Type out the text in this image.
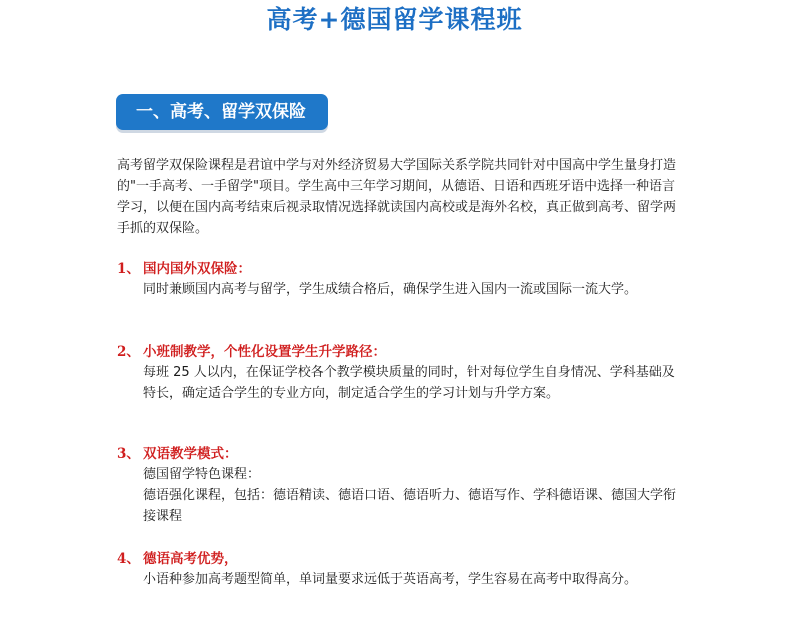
高考+德国留学课程班
一、高考、留学双保险

高考留学双保险课程是君谊中学与对外经济贸易大学国际关系学院共同针对中国高中学生量身打造的"一手高考、一手留学"项目。学生高中三年学习期间，从德语、日语和西班牙语中选择一种语言学习，以便在国内高考结束后视录取情况选择就读国内高校或是海外名校，真正做到高考、留学两手抓的双保险。

1、 国内国外双保险：

同时兼顾国内高考与留学，学生成绩合格后，确保学生进入国内一流或国际一流大学。

2、 小班制教学，个性化设置学生升学路径：

每班 25 人以内，在保证学校各个教学模块质量的同时，针对每位学生自身情况、学科基础及特长，确定适合学生的专业方向，制定适合学生的学习计划与升学方案。

3、 双语教学模式：

德国留学特色课程：

德语强化课程，包括：德语精读、德语口语、德语听力、德语写作、学科德语课、德国大学衔接课程

4、 德语高考优势，

小语种参加高考题型简单，单词量要求远低于英语高考，学生容易在高考中取得高分。
